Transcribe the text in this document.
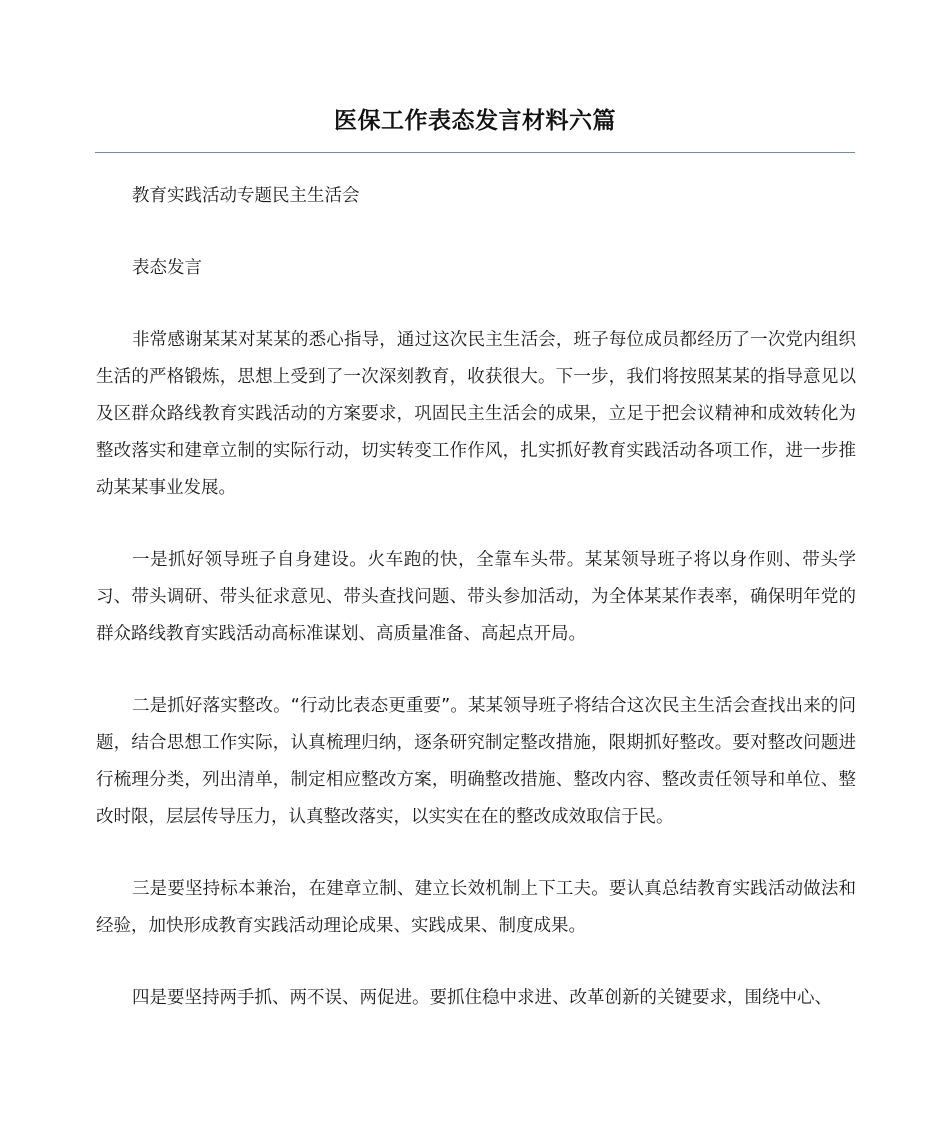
医保工作表态发言材料六篇

教育实践活动专题民主生活会

表态发言

非常感谢某某对某某的悉心指导，通过这次民主生活会，班子每位成员都经历了一次党内组织生活的严格锻炼，思想上受到了一次深刻教育，收获很大。下一步，我们将按照某某的指导意见以及区群众路线教育实践活动的方案要求，巩固民主生活会的成果，立足于把会议精神和成效转化为整改落实和建章立制的实际行动，切实转变工作作风，扎实抓好教育实践活动各项工作，进一步推动某某事业发展。

一是抓好领导班子自身建设。火车跑的快，全靠车头带。某某领导班子将以身作则、带头学习、带头调研、带头征求意见、带头查找问题、带头参加活动，为全体某某作表率，确保明年党的群众路线教育实践活动高标准谋划、高质量准备、高起点开局。

二是抓好落实整改。“行动比表态更重要”。某某领导班子将结合这次民主生活会查找出来的问题，结合思想工作实际，认真梳理归纳，逐条研究制定整改措施，限期抓好整改。要对整改问题进行梳理分类，列出清单，制定相应整改方案，明确整改措施、整改内容、整改责任领导和单位、整改时限，层层传导压力，认真整改落实，以实实在在的整改成效取信于民。

三是要坚持标本兼治，在建章立制、建立长效机制上下工夫。要认真总结教育实践活动做法和经验，加快形成教育实践活动理论成果、实践成果、制度成果。

四是要坚持两手抓、两不误、两促进。要抓住稳中求进、改革创新的关键要求，围绕中心、
